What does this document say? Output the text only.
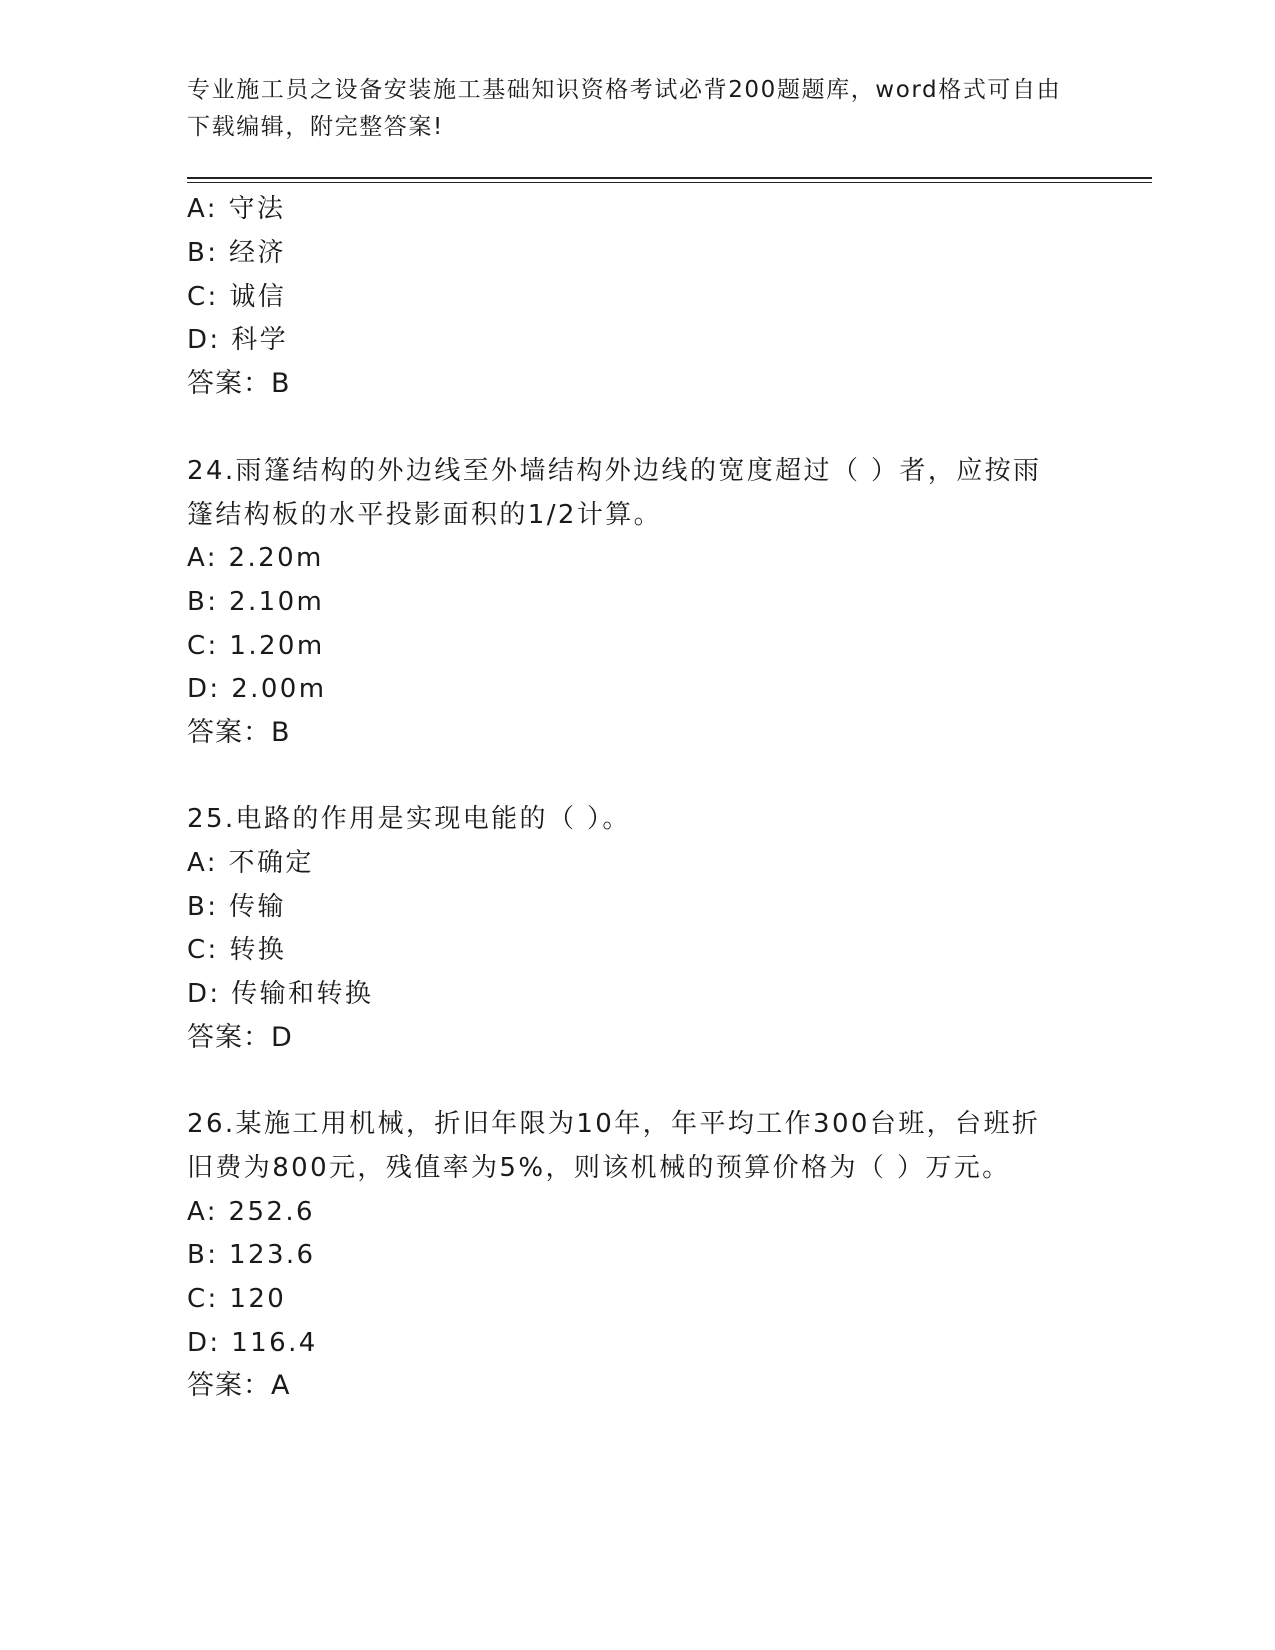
专业施工员之设备安装施工基础知识资格考试必背200题题库，word格式可自由
下载编辑，附完整答案!
A: 守法
B: 经济
C: 诚信
D: 科学
答案：B
24.雨篷结构的外边线至外墙结构外边线的宽度超过（ ）者，应按雨
篷结构板的水平投影面积的1/2计算。
A: 2.20m
B: 2.10m
C: 1.20m
D: 2.00m
答案：B
25.电路的作用是实现电能的（ ）。
A: 不确定
B: 传输
C: 转换
D: 传输和转换
答案：D
26.某施工用机械，折旧年限为10年，年平均工作300台班，台班折
旧费为800元，残值率为5%，则该机械的预算价格为（ ）万元。
A: 252.6
B: 123.6
C: 120
D: 116.4
答案：A
